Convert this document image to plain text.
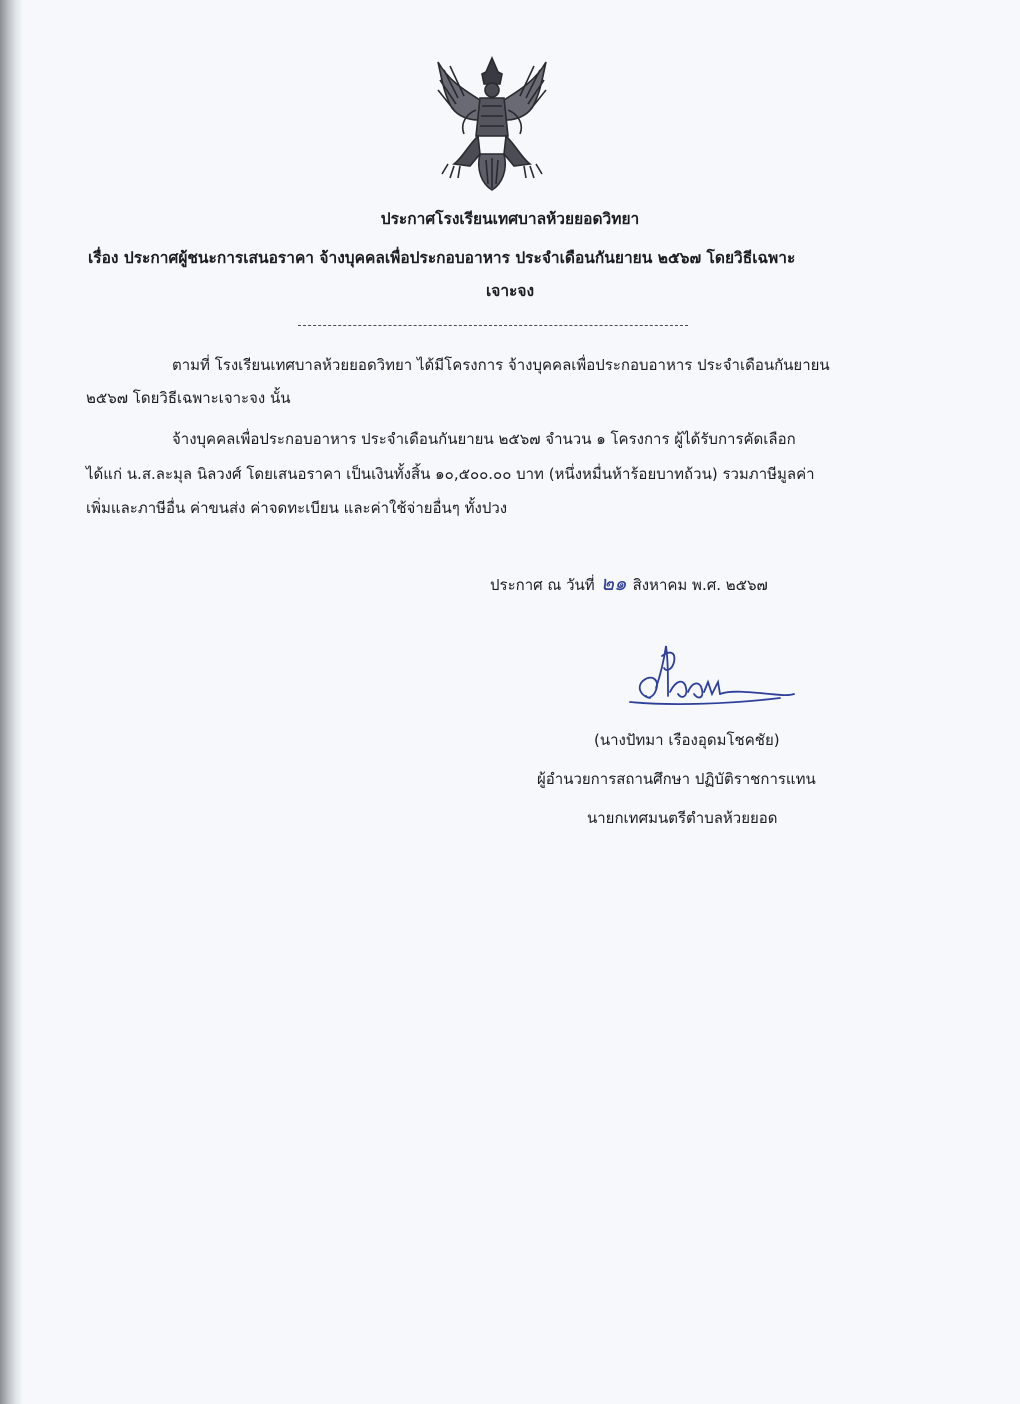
ประกาศโรงเรียนเทศบาลห้วยยอดวิทยา
เรื่อง ประกาศผู้ชนะการเสนอราคา จ้างบุคคลเพื่อประกอบอาหาร ประจำเดือนกันยายน ๒๕๖๗ โดยวิธีเฉพาะ
เจาะจง
ตามที่ โรงเรียนเทศบาลห้วยยอดวิทยา ได้มีโครงการ จ้างบุคคลเพื่อประกอบอาหาร ประจำเดือนกันยายน
๒๕๖๗ โดยวิธีเฉพาะเจาะจง นั้น
จ้างบุคคลเพื่อประกอบอาหาร ประจำเดือนกันยายน ๒๕๖๗ จำนวน ๑ โครงการ ผู้ได้รับการคัดเลือก
ได้แก่ น.ส.ละมุล นิลวงศ์ โดยเสนอราคา เป็นเงินทั้งสิ้น ๑๐,๕๐๐.๐๐ บาท (หนึ่งหมื่นห้าร้อยบาทถ้วน) รวมภาษีมูลค่า
เพิ่มและภาษีอื่น ค่าขนส่ง ค่าจดทะเบียน และค่าใช้จ่ายอื่นๆ ทั้งปวง
ประกาศ ณ วันที่ ๒๑ สิงหาคม พ.ศ. ๒๕๖๗
(นางปัทมา เรืองอุดมโชคชัย)
ผู้อำนวยการสถานศึกษา ปฏิบัติราชการแทน
นายกเทศมนตรีตำบลห้วยยอด
